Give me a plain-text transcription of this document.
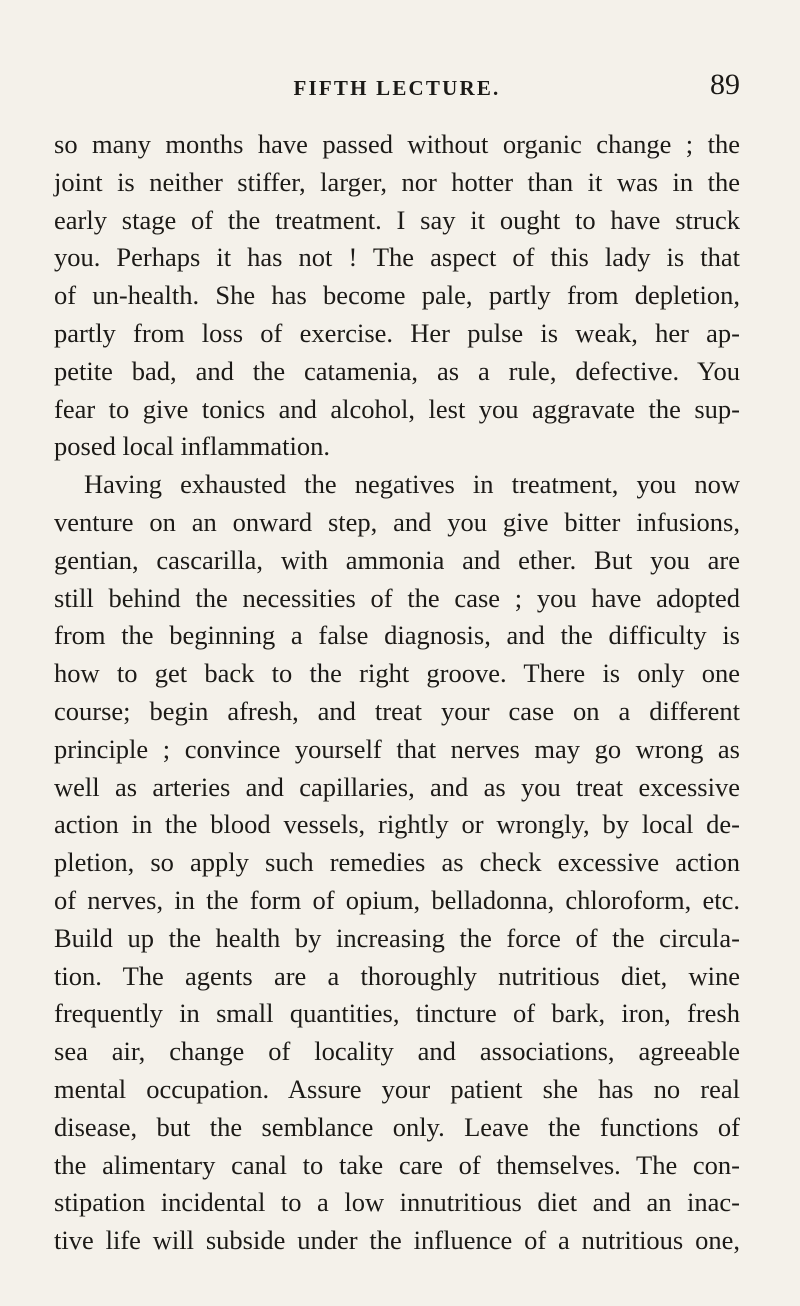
FIFTH LECTURE.	89
so many months have passed without organic change ; the
joint is neither stiffer, larger, nor hotter than it was in the
early stage of the treatment. I say it ought to have struck
you. Perhaps it has not ! The aspect of this lady is that
of un-health. She has become pale, partly from depletion,
partly from loss of exercise. Her pulse is weak, her ap-
petite bad, and the catamenia, as a rule, defective. You
fear to give tonics and alcohol, lest you aggravate the sup-
posed local inflammation.
Having exhausted the negatives in treatment, you now
venture on an onward step, and you give bitter infusions,
gentian, cascarilla, with ammonia and ether. But you are
still behind the necessities of the case ; you have adopted
from the beginning a false diagnosis, and the difficulty is
how to get back to the right groove. There is only one
course; begin afresh, and treat your case on a different
principle ; convince yourself that nerves may go wrong as
well as arteries and capillaries, and as you treat excessive
action in the blood vessels, rightly or wrongly, by local de-
pletion, so apply such remedies as check excessive action
of nerves, in the form of opium, belladonna, chloroform, etc.
Build up the health by increasing the force of the circula-
tion. The agents are a thoroughly nutritious diet, wine
frequently in small quantities, tincture of bark, iron, fresh
sea air, change of locality and associations, agreeable
mental occupation. Assure your patient she has no real
disease, but the semblance only. Leave the functions of
the alimentary canal to take care of themselves. The con-
stipation incidental to a low innutritious diet and an inac-
tive life will subside under the influence of a nutritious one,
